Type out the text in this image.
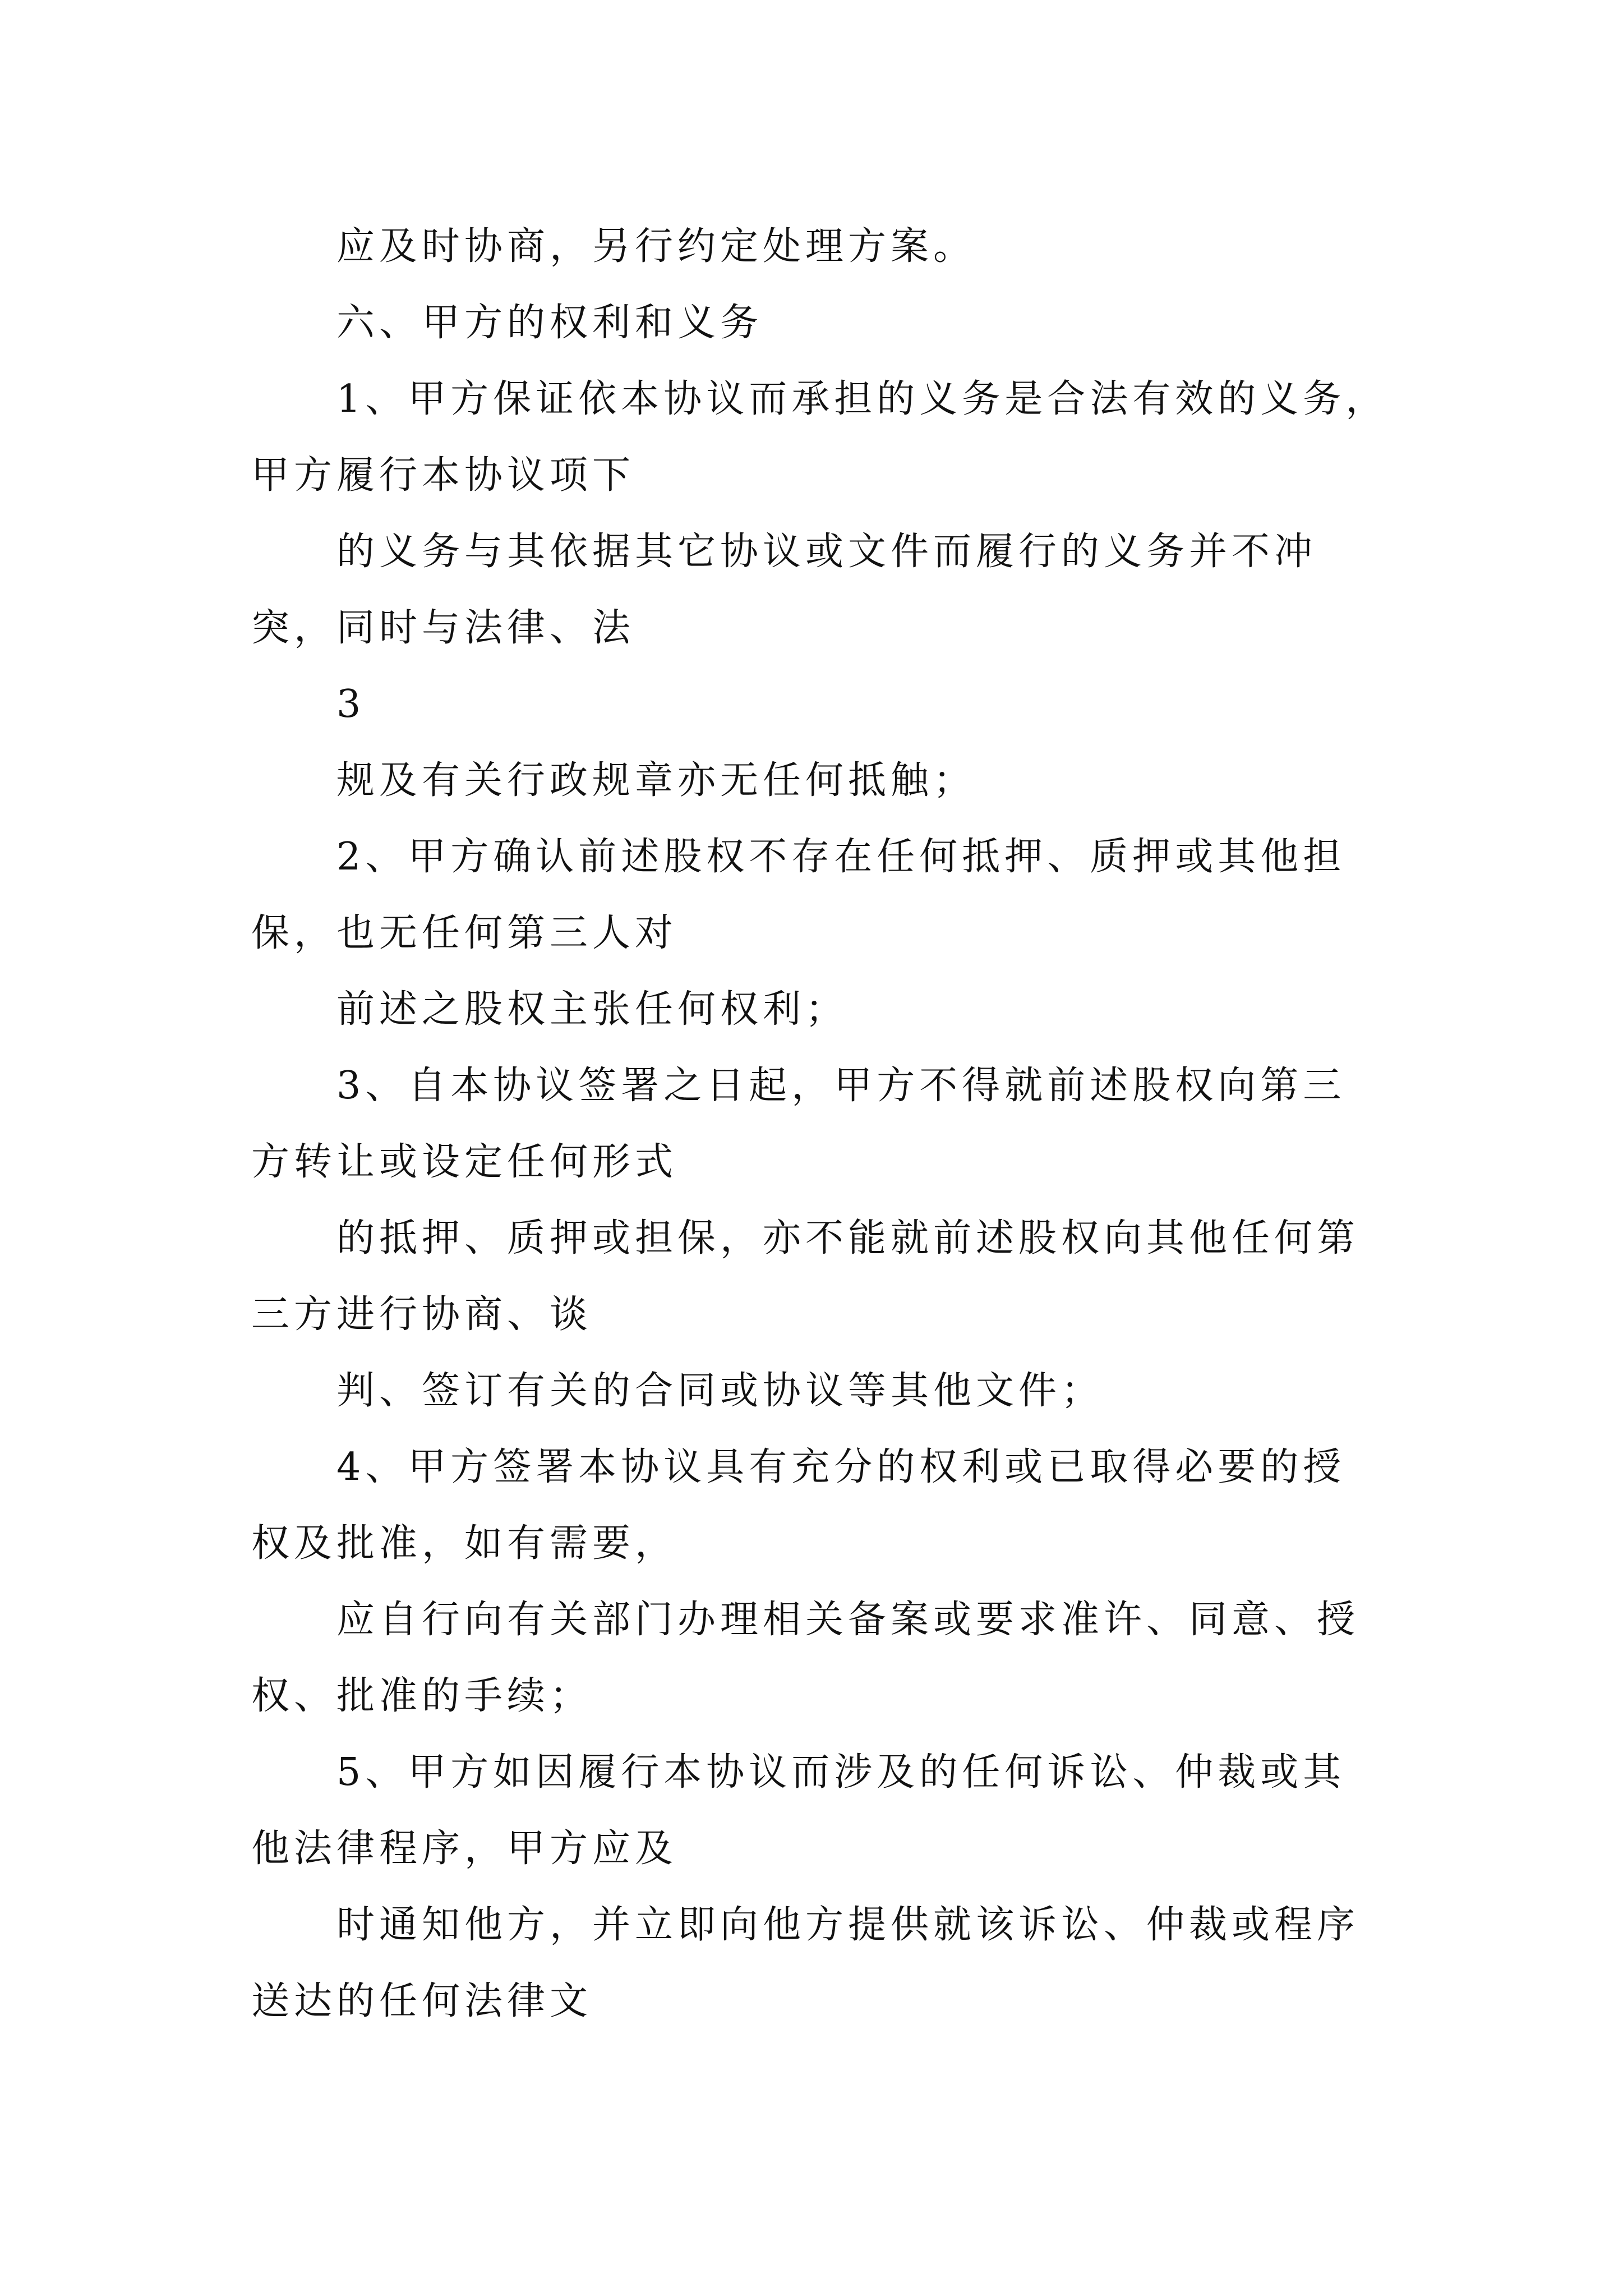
应及时协商，另行约定处理方案。
六、甲方的权利和义务
1、甲方保证依本协议而承担的义务是合法有效的义务，
甲方履行本协议项下
的义务与其依据其它协议或文件而履行的义务并不冲
突，同时与法律、法
3
规及有关行政规章亦无任何抵触；
2、甲方确认前述股权不存在任何抵押、质押或其他担
保，也无任何第三人对
前述之股权主张任何权利；
3、自本协议签署之日起，甲方不得就前述股权向第三
方转让或设定任何形式
的抵押、质押或担保，亦不能就前述股权向其他任何第
三方进行协商、谈
判、签订有关的合同或协议等其他文件；
4、甲方签署本协议具有充分的权利或已取得必要的授
权及批准，如有需要，
应自行向有关部门办理相关备案或要求准许、同意、授
权、批准的手续；
5、甲方如因履行本协议而涉及的任何诉讼、仲裁或其
他法律程序，甲方应及
时通知他方，并立即向他方提供就该诉讼、仲裁或程序
送达的任何法律文
